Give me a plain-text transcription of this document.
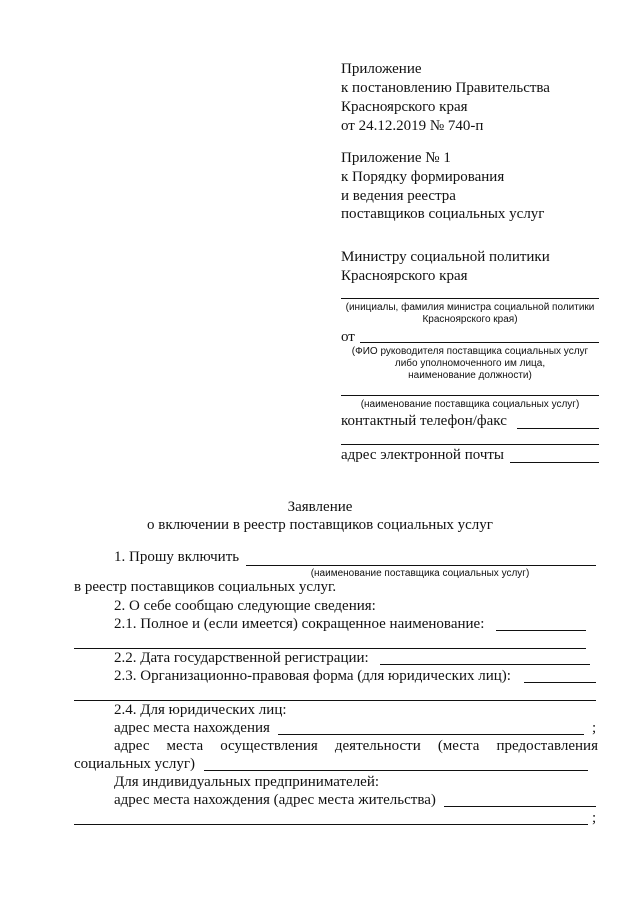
Приложение
к постановлению Правительства
Красноярского края
от 24.12.2019 № 740-п
Приложение № 1
к Порядку формирования
и ведения реестра
поставщиков социальных услуг
Министру социальной политики
Красноярского края
(инициалы, фамилия министра социальной политики
Красноярского края)
от
(ФИО руководителя поставщика социальных услуг
либо уполномоченного им лица,
наименование должности)
(наименование поставщика социальных услуг)
контактный телефон/факс
адрес электронной почты
Заявление
о включении в реестр поставщиков социальных услуг
1. Прошу включить
(наименование поставщика социальных услуг)
в реестр поставщиков социальных услуг.
2. О себе сообщаю следующие сведения:
2.1. Полное и (если имеется) сокращенное наименование:
2.2. Дата государственной регистрации:
2.3. Организационно-правовая форма (для юридических лиц):
2.4. Для юридических лиц:
адрес места нахождения	;
адрес места осуществления деятельности (места предоставления
социальных услуг)
Для индивидуальных предпринимателей:
адрес места нахождения (адрес места жительства)
;
